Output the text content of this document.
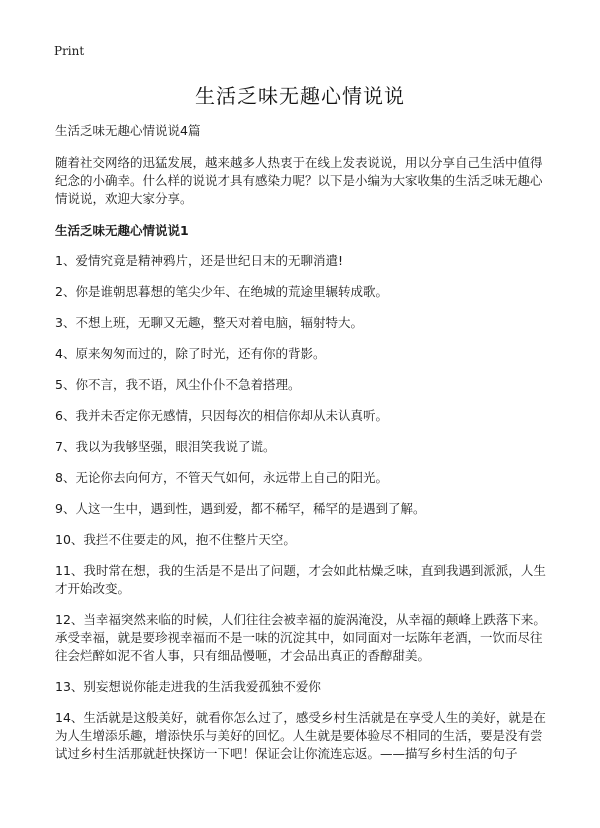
Print
生活乏味无趣心情说说

生活乏味无趣心情说说4篇

随着社交网络的迅猛发展，越来越多人热衷于在线上发表说说，用以分享自己生活中值得纪念的小确幸。什么样的说说才具有感染力呢？以下是小编为大家收集的生活乏味无趣心情说说，欢迎大家分享。

生活乏味无趣心情说说1

1、爱情究竟是精神鸦片，还是世纪日末的无聊消遣!
2、你是谁朝思暮想的笔尖少年、在绝城的荒途里辗转成歌。
3、不想上班，无聊又无趣，整天对着电脑，辐射特大。
4、原来匆匆而过的，除了时光，还有你的背影。
5、你不言，我不语，风尘仆仆不急着搭理。
6、我并未否定你无感情，只因每次的相信你却从未认真听。
7、我以为我够坚强，眼泪笑我说了谎。
8、无论你去向何方，不管天气如何，永远带上自己的阳光。
9、人这一生中，遇到性，遇到爱，都不稀罕，稀罕的是遇到了解。
10、我拦不住要走的风，抱不住整片天空。
11、我时常在想，我的生活是不是出了问题，才会如此枯燥乏味，直到我遇到派派，人生才开始改变。
12、当幸福突然来临的时候，人们往往会被幸福的旋涡淹没，从幸福的颠峰上跌落下来。承受幸福，就是要珍视幸福而不是一味的沉淀其中，如同面对一坛陈年老酒，一饮而尽往往会烂醉如泥不省人事，只有细品慢咂，才会品出真正的香醇甜美。
13、别妄想说你能走进我的生活我爱孤独不爱你
14、生活就是这般美好，就看你怎么过了，感受乡村生活就是在享受人生的美好，就是在为人生增添乐趣，增添快乐与美好的回忆。人生就是要体验尽不相同的生活，要是没有尝试过乡村生活那就赶快探访一下吧！保证会让你流连忘返。——描写乡村生活的句子
